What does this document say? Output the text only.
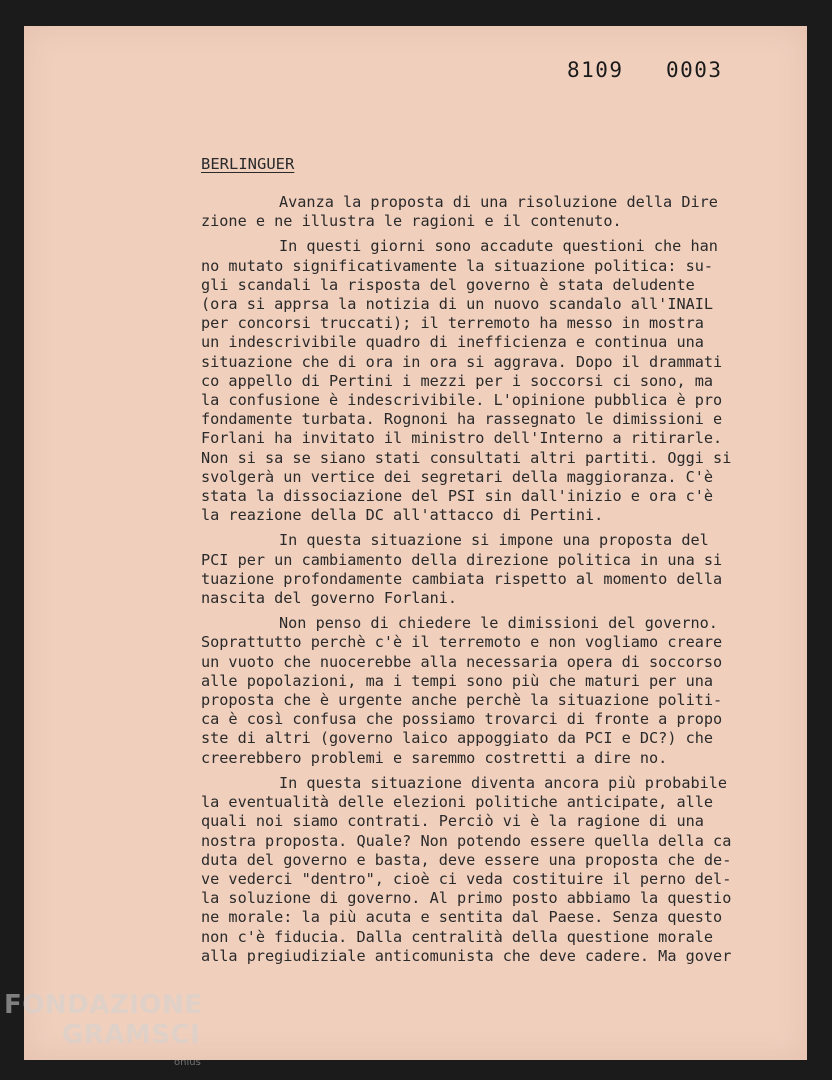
8109   0003
BERLINGUER
Avanza la proposta di una risoluzione della Dire
zione e ne illustra le ragioni e il contenuto.
In questi giorni sono accadute questioni che han
no mutato significativamente la situazione politica: su-
gli scandali la risposta del governo è stata deludente
(ora si apprsa la notizia di un nuovo scandalo all'INAIL
per concorsi truccati); il terremoto ha messo in mostra
un indescrivibile quadro di inefficienza e continua una
situazione che di ora in ora si aggrava. Dopo il drammati
co appello di Pertini i mezzi per i soccorsi ci sono, ma
la confusione è indescrivibile. L'opinione pubblica è pro
fondamente turbata. Rognoni ha rassegnato le dimissioni e
Forlani ha invitato il ministro dell'Interno a ritirarle.
Non si sa se siano stati consultati altri partiti. Oggi si
svolgerà un vertice dei segretari della maggioranza. C'è
stata la dissociazione del PSI sin dall'inizio e ora c'è
la reazione della DC all'attacco di Pertini.
In questa situazione si impone una proposta del
PCI per un cambiamento della direzione politica in una si
tuazione profondamente cambiata rispetto al momento della
nascita del governo Forlani.
Non penso di chiedere le dimissioni del governo.
Soprattutto perchè c'è il terremoto e non vogliamo creare
un vuoto che nuocerebbe alla necessaria opera di soccorso
alle popolazioni, ma i tempi sono più che maturi per una
proposta che è urgente anche perchè la situazione politi-
ca è così confusa che possiamo trovarci di fronte a propo
ste di altri (governo laico appoggiato da PCI e DC?) che
creerebbero problemi e saremmo costretti a dire no.
In questa situazione diventa ancora più probabile
la eventualità delle elezioni politiche anticipate, alle
quali noi siamo contrati. Perciò vi è la ragione di una
nostra proposta. Quale? Non potendo essere quella della ca
duta del governo e basta, deve essere una proposta che de-
ve vederci "dentro", cioè ci veda costituire il perno del-
la soluzione di governo. Al primo posto abbiamo la questio
ne morale: la più acuta e sentita dal Paese. Senza questo
non c'è fiducia. Dalla centralità della questione morale
alla pregiudiziale anticomunista che deve cadere. Ma gover
FONDAZIONE
GRAMSCI
onlus
